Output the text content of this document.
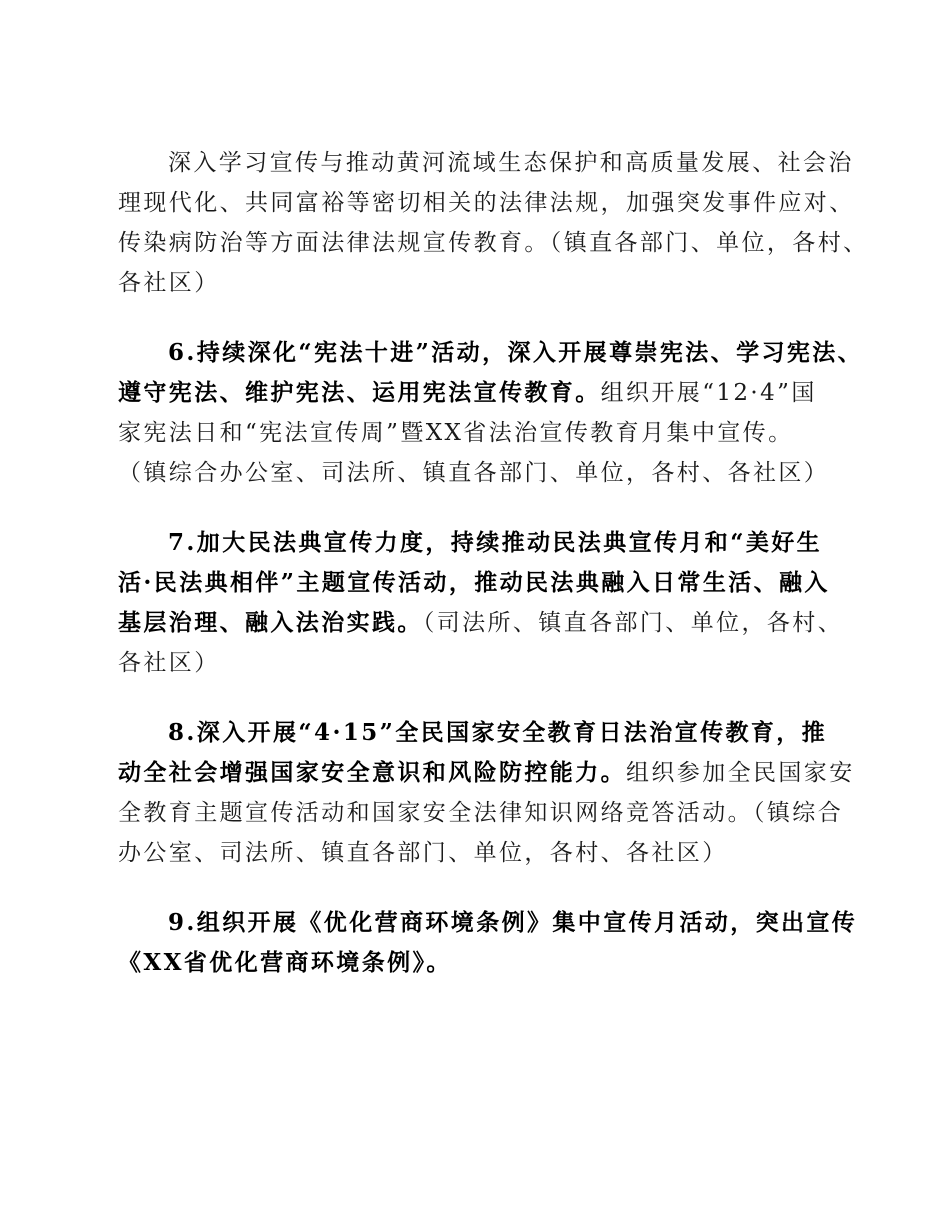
深入学习宣传与推动黄河流域生态保护和高质量发展、社会治
理现代化、共同富裕等密切相关的法律法规，加强突发事件应对、
传染病防治等方面法律法规宣传教育。（镇直各部门、单位，各村、
各社区）
6.持续深化“宪法十进”活动，深入开展尊崇宪法、学习宪法、
遵守宪法、维护宪法、运用宪法宣传教育。组织开展“12·4”国
家宪法日和“宪法宣传周”暨XX省法治宣传教育月集中宣传。
（镇综合办公室、司法所、镇直各部门、单位，各村、各社区）
7.加大民法典宣传力度，持续推动民法典宣传月和“美好生
活·民法典相伴”主题宣传活动，推动民法典融入日常生活、融入
基层治理、融入法治实践。（司法所、镇直各部门、单位，各村、
各社区）
8.深入开展“4·15”全民国家安全教育日法治宣传教育，推
动全社会增强国家安全意识和风险防控能力。组织参加全民国家安
全教育主题宣传活动和国家安全法律知识网络竞答活动。（镇综合
办公室、司法所、镇直各部门、单位，各村、各社区）
9.组织开展《优化营商环境条例》集中宣传月活动，突出宣传
《XX省优化营商环境条例》。
